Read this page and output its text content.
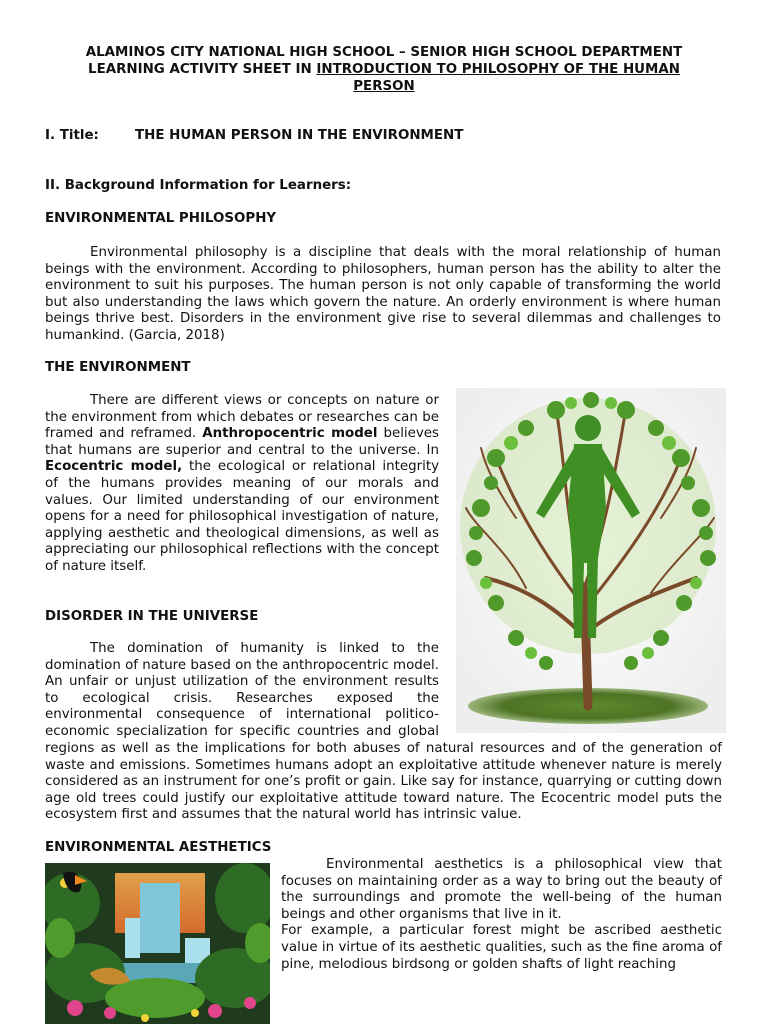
ALAMINOS CITY NATIONAL HIGH SCHOOL – SENIOR HIGH SCHOOL DEPARTMENT
LEARNING ACTIVITY SHEET IN INTRODUCTION TO PHILOSOPHY OF THE HUMAN
PERSON
I. Title:	THE HUMAN PERSON IN THE ENVIRONMENT
II. Background Information for Learners:
ENVIRONMENTAL PHILOSOPHY
Environmental philosophy is a discipline that deals with the moral relationship of human beings with the environment. According to philosophers, human person has the ability to alter the environment to suit his purposes. The human person is not only capable of transforming the world but also understanding the laws which govern the nature. An orderly environment is where human beings thrive best. Disorders in the environment give rise to several dilemmas and challenges to humankind. (Garcia, 2018)
THE ENVIRONMENT
There are different views or concepts on nature or the environment from which debates or researches can be framed and reframed. Anthropocentric model believes that humans are superior and central to the universe. In Ecocentric model, the ecological or relational integrity of the humans provides meaning of our morals and values. Our limited understanding of our environment opens for a need for philosophical investigation of nature, applying aesthetic and theological dimensions, as well as appreciating our philosophical reflections with the concept of nature itself.
DISORDER IN THE UNIVERSE
The domination of humanity is linked to the domination of nature based on the anthropocentric model. An unfair or unjust utilization of the environment results to ecological crisis. Researches exposed the environmental consequence of international politico-economic specialization for specific countries and global
regions as well as the implications for both abuses of natural resources and of the generation of waste and emissions. Sometimes humans adopt an exploitative attitude whenever nature is merely considered as an instrument for one’s profit or gain. Like say for instance, quarrying or cutting down age old trees could justify our exploitative attitude toward nature. The Ecocentric model puts the ecosystem first and assumes that the natural world has intrinsic value.
ENVIRONMENTAL AESTHETICS
Environmental aesthetics is a philosophical view that focuses on maintaining order as a way to bring out the beauty of the surroundings and promote the well-being of the human beings and other organisms that live in it.
For example, a particular forest might be ascribed aesthetic value in virtue of its aesthetic qualities, such as the fine aroma of pine, melodious birdsong or golden shafts of light reaching
